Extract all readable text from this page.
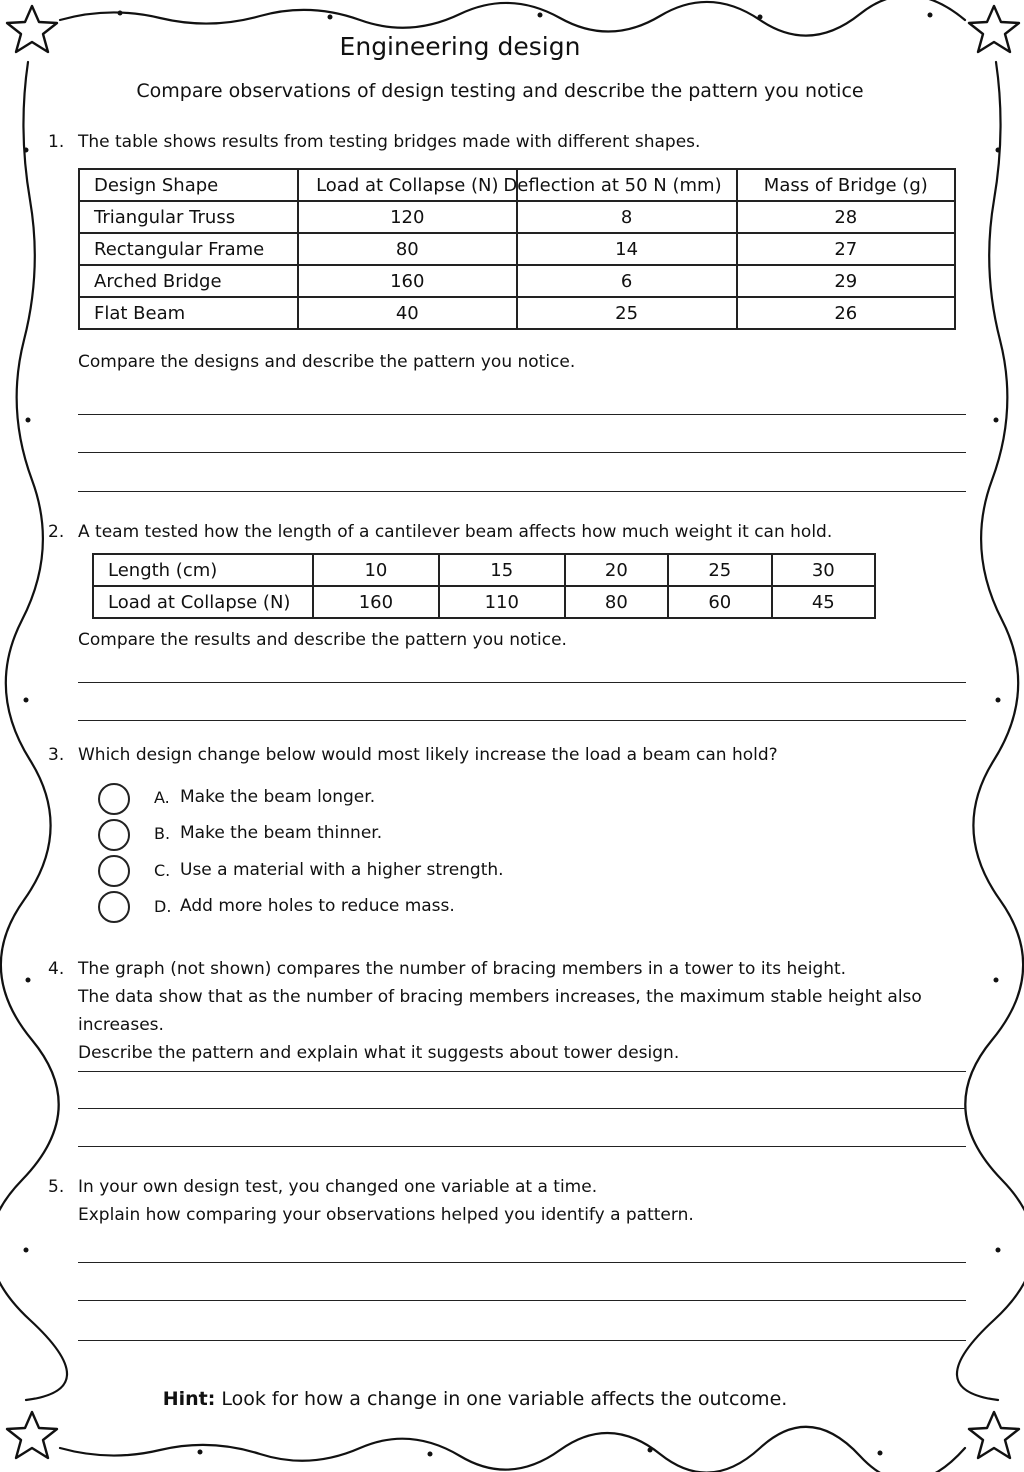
Engineering design
Compare observations of design testing and describe the pattern you notice
1. The table shows results from testing bridges made with different shapes.
Design Shape	Load at Collapse (N)	Deflection at 50 N (mm)	Mass of Bridge (g)
Triangular Truss	120	8	28
Rectangular Frame	80	14	27
Arched Bridge	160	6	29
Flat Beam	40	25	26
Compare the designs and describe the pattern you notice.
2. A team tested how the length of a cantilever beam affects how much weight it can hold.
Length (cm)	10	15	20	25	30
Load at Collapse (N)	160	110	80	60	45
Compare the results and describe the pattern you notice.
3. Which design change below would most likely increase the load a beam can hold?
A. Make the beam longer.
B. Make the beam thinner.
C. Use a material with a higher strength.
D. Add more holes to reduce mass.
4. The graph (not shown) compares the number of bracing members in a tower to its height.
The data show that as the number of bracing members increases, the maximum stable height also increases.
Describe the pattern and explain what it suggests about tower design.
5. In your own design test, you changed one variable at a time.
Explain how comparing your observations helped you identify a pattern.
Hint: Look for how a change in one variable affects the outcome.
